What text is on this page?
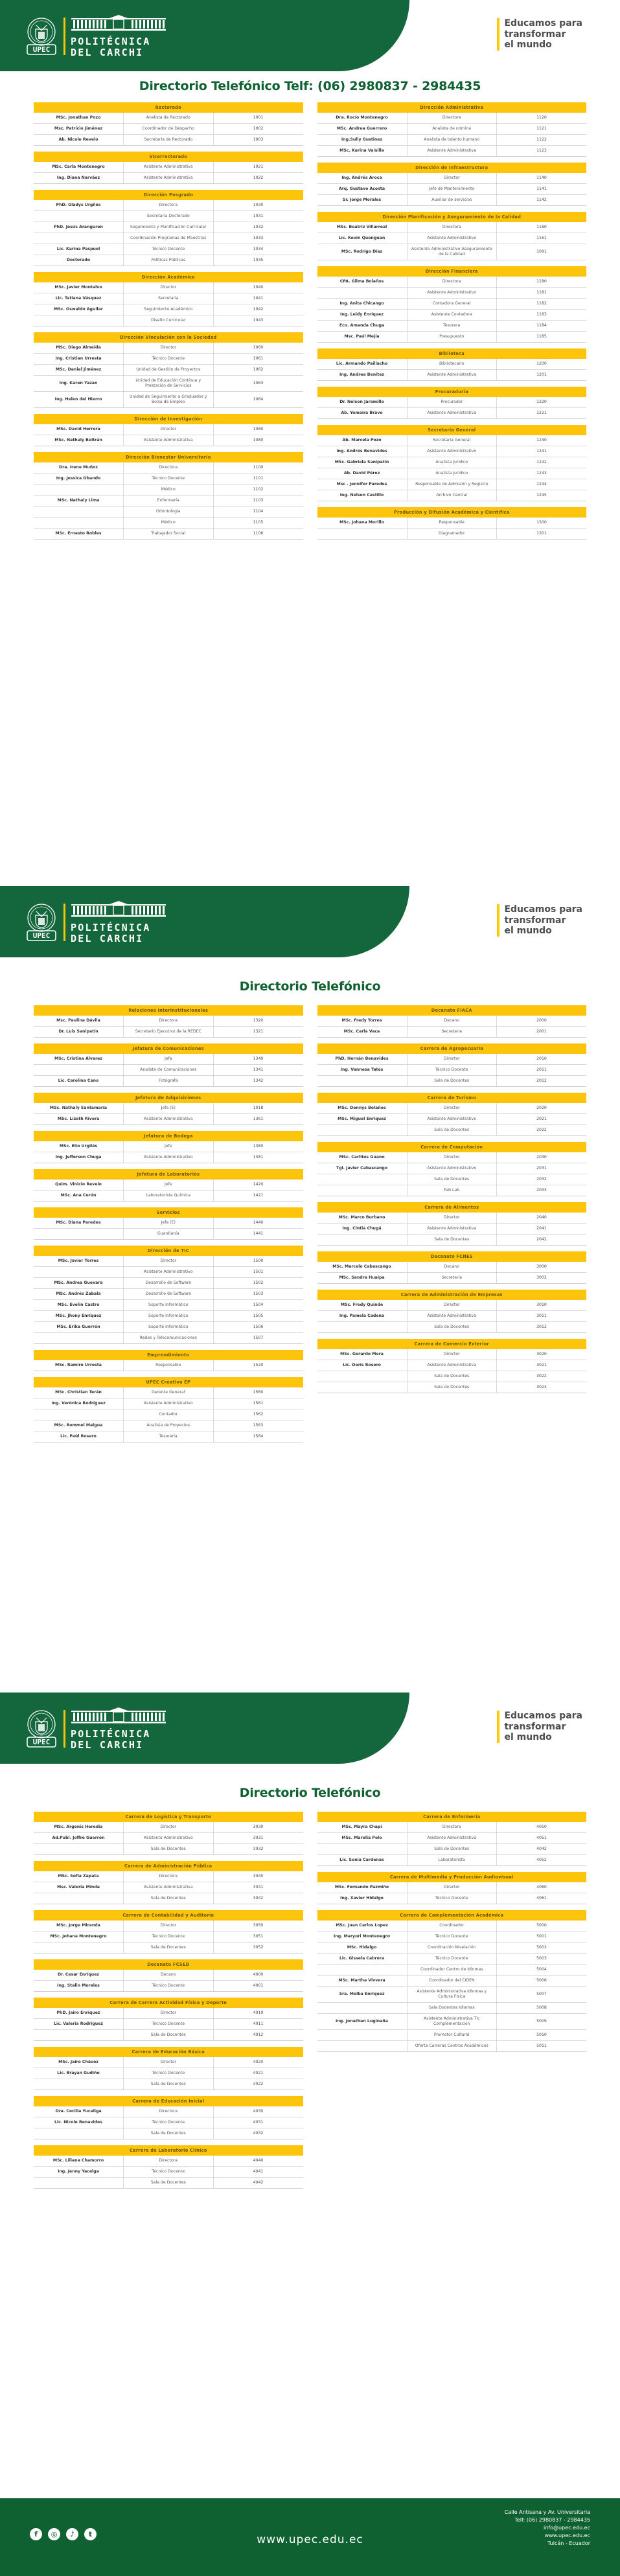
UPEC
POLITÉCNICA
DEL CARCHI
Educamos para
transformar
el mundo
Directorio Telefónico Telf: (06) 2980837 - 2984435
Rectorado		
MSc. Jonathan Pozo	Analista de Rectorado	1001
Msc. Patricio Jiménez	Coordinador de Despacho	1002
Ab. Nicole Revelo	Secretaría de Rectorado	1003
Vicerrectorado		
MSc. Carla Montenegro	Asistente Administrativa	1021
Ing. Diana Narváez	Asistente Administrativa	1022
Dirección Posgrado		
PhD. Gladys Urgilés	Directora	1030
	Secretaria Doctorado	1031
PhD. Jesús Aranguren	Seguimiento y Planificación Curricular	1032
	Coordinación Programas de Maestrías	1033
Lic. Karina Paspuel	Técnico Docente	1034
Doctorado	Políticas Públicas	1035
Dirección Académica		
MSc. Javier Montalvo	Director	1040
Lic. Tatiana Vásquez	Secretaría	1041
MSc. Oswaldo Aguilar	Seguimiento Académico	1042
	Diseño Curricular	1043
Dirección Vinculación con la Sociedad		
MSc. Diego Almeida	Director	1060
Ing. Cristian Urresta	Técnico Docente	1061
MSc. Daniel Jiménez	Unidad de Gestión de Proyectos	1062
Ing. Karen Yazan	Unidad de Educación Contínua y Prestación de Servicios	1063
Ing. Helen del Hierro	Unidad de Seguimiento a Graduados y Bolsa de Empleo	1064
Dirección de Investigación		
MSc. David Herrera	Director	1080
MSc. Nathaly Beltrán	Asistente Administrativa	1080
Dirección Bienestar Universitario		
Dra. Irene Muñoz	Directora	1100
Ing. Jessica Obando	Técnico Docente	1101
	Médico	1102
MSc. Nathaly Lima	Enfermería	1103
	Odontología	1104
	Médico	1105
MSc. Ernesto Robles	Trabajador Social	1106
Dirección Administrativa		
Dra. Rocío Montenegro	Directora	1120
MSc. Andrea Guerrero	Analista de nómina	1121
Ing.Sully Gustinez	Analista de talento humano	1122
MSc. Karina Vaisilla	Asistente Administrativa	1123
Dirección de Infraestructura		
Ing. Andrés Aroca	Director	1140
Arq. Gustavo Acosta	Jefe de Mantenimiento	1141
Sr. Jorge Morales	Auxiliar de servicios	1142
Dirección Planificación y Aseguramiento de la Calidad		
MSc. Beatriz Villarreal	Directora	1160
Lic. Kevin Quenguan	Asistente Administrativo	1161
MSc. Rodrigo Díaz	Asistente Administrativo Aseguramiento de la Calidad	1091
Dirección Financiera		
CPA. Gilma Bolaños	Directora	1180
	Asistente Administrativo	1181
Ing. Anita Chicango	Contadora General	1182
Ing. Leidy Enríquez	Asistente Contadora	1183
Eco. Amanda Chuga	Tesorera	1184
Msc. Paúl Mejía	Presupuesto	1185
Biblioteca		
Lic. Armando Paillacho	Bibliotecario	1200
Ing. Andrea Benítez	Asistente Administrativa	1201
Procuraduría		
Dr. Nelson Jaramillo	Procurador	1220
Ab. Yomaira Bravo	Asistente Administrativa	1221
Secretaría General		
Ab. Marcela Pozo	Secretaria General	1240
Ing. Andrés Benavides	Asistente Administrativo	1241
MSc. Gabriela Sanipatín	Analista Jurídico	1242
Ab. David Pérez	Analista Jurídico	1243
Msc . Jennifer Paredes	Responsable de Admisión y Registro	1244
Ing. Nelson Castillo	Archivo Central	1245
Producción y Difusión Académica y Científica		
MSc. Johana Morillo	Responsable	1300
	Diagramador	1301
UPEC
POLITÉCNICA
DEL CARCHI
Educamos para
transformar
el mundo
Directorio Telefónico
Relaciones Interinstitucionales		
Msc. Paulina Dávila	Directora	1320
Dr. Luis Sanipatín	Secretario Ejecutivo de la REDEC	1321
Jefatura de Comunicaciones		
MSc. Cristina Álvarez	Jefa	1340
	Analista de Comunicaciones	1341
Lic. Carolina Cano	Fotógrafa	1342
Jefatura de Adquisiciones		
MSc. Nathaly Santamaría	Jefa (E)	1018
MSc. Lizeth Rivera	Asistente Administrativa	1361
Jefatura de Bodega		
MSc. Elio Urgilés	Jefe	1380
Ing. Jefferson Chuga	Asistente Administrativo	1381
Jefatura de Laboratorios		
Quim. Vinicio Revelo	Jefe	1420
MSc. Ana Cerón	Laboratorista Química	1421
Servicios		
MSc. Diana Paredes	Jefa (E)	1440
	Guardianía	1441
Dirección de TIC		
MSc. Javier Torres	Director	1500
	Asistente Administrativo	1501
MSc. Andrea Guevara	Desarrollo de Software	1502
MSc. Andrés Zabala	Desarrollo de Software	1503
MSc. Evelin Castro	Soporte Informático	1504
MSc. Jhony Enríquez	Soporte Informático	1505
MSc. Erika Guerrón	Soporte Informático	1506
	Redes y Telecomunicaciones	1507
Emprendimiento
MSc. Ramiro Urresta	Responsable	1520
UPEC Creativa EP		
MSc. Christian Terán	Gerente General	1560
Ing. Verónica Rodríguez	Asistente Administrativo	1561
	Contador	1562
MSc. Rommel Malgua	Analista de Proyectos	1563
Lic. Paúl Rosero	Tesorería	1564
Decanato FIACA		
MSc. Fredy Torres	Decano	2000
MSc. Carla Vaca	Secretaria	2001
Carrera de Agropecuaria		
PhD. Hernán Benavides	Director	2010
Ing. Vannesa Tatés	Técnico Docente	2011
	Sala de Docentes	2012
Carrera de Turismo		
MSc. Dennys Bolaños	Director	2020
MSc. Miguel Enríquez	Asistente Administrativo	2021
	Sala de Docentes	2022
Carrera de Computación		
MSc. Carlitos Guano	Director	2030
Tgl. Javier Cabascango	Asistente Administrativo	2031
	Sala de Docentes	2032
	Fab Lab	2033
Carrera de Alimentos		
MSc. Marco Burbano	Director	2040
Ing. Cintia Chugá	Asistente Administrativa	2041
	Sala de Docentes	2042
Decanato FCNES		
MSc. Marcelo Cabascango	Decano	3000
MSc. Sandra Huaipa	Secretaria	3002
Carrera de Administración de Empresas		
MSc. Fredy Quinde	Director	3010
Ing. Pamela Cadena	Asistente Administrativa	3011
	Sala de Docentes	3013
Carrera de Comercio Exterior		
MSc. Gerardo Mera	Director	3020
Lic. Doris Rosero	Asistente Administrativa	3021
	Sala de Docentes	3022
	Sala de Docentes	3023
UPEC
POLITÉCNICA
DEL CARCHI
Educamos para
transformar
el mundo
Directorio Telefónico
Carrera de Logística y Transporte		
MSc. Argenis Heredia	Director	3030
Ad.Publ. Joffre Guerrón	Asistente Administrativo	3031
	Sala de Docentes	3032
Carrera de Administración Pública		
MSc. Sofía Zapata	Directora	3040
Msc. Valeria Minda	Asistente Administrativa	3041
	Sala de Docentes	3042
Carrera de Contabilidad y Auditoría		
MSc. Jorge Miranda	Director	3050
MSc. Johana Montenegro	Técnico Docente	3051
	Sala de Docentes	3052
Decanato FCSED		
Dr. Cesar Enríquez	Decano	4000
Ing. Stalin Morales	Técnico Docente	4001
Carrera de Carrera Actividad Física y Deporte		
PhD. Jairo Enríquez	Director	4010
Lic. Valeria Rodríguez	Técnico Docente	4011
	Sala de Docentes	4012
Carrera de Educación Básica		
MSc. Jairo Chávez	Director	4020
Lic. Brayan Gudiño	Técnico Docente	4021
	Sala de Docentes	4022
Carrera de Educación Inicial		
Dra. Cecilia Yucaliga	Directora	4030
Lic. Nicole Benavides	Técnico Docente	4031
	Sala de Docentes	4032
Carrera de Laboratorio Clínico		
MSc. Liliana Chamorro	Directora	4040
Ing. Jenny Yacelga	Técnico Docente	4041
	Sala de Docentes	4042
Carrera de Enfermería		
MSc. Mayra Chapi	Directora	4050
MSc. Marolia Polo	Asistente Administrativa	4051
	Sala de Docentes	4042
Lic. Sonia Cardenas	Laboratorista	4052
Carrera de Multimedia y Producción Audiovisual		
MSc. Fernando Pazmiño	Director	4060
Ing. Xavier Hidalgo	Técnico Docente	4061
Carrera de Complementación Académica		
MSc. Juan Carlos Lopez	Coordinador	5000
Ing. Maryori Montenegro	Técnico Docente	5001
MSc. Hidalgo	Coordinación Nivelación	5002
Lic. Gissela Cabrera	Técnico Docente	5003
	Coordinador Centro de Idiomas	5004
MSc. Martha Vivvera	Coordinador del CIDEN	5006
Sra. Melba Enríquez	Asistente Administrativa Idiomas y Cultura Física	5007
	Sala Docentes Idiomas	5008
Ing. Jonathan Luginaña	Asistente Administrativa Tic Complementación	5009
	Promotor Cultural	5010
	Oferta Carreras Centros Académicos	5011
f	◎	♪	t
Calle Antisana y Av. Universitaria
Telf: (06) 2980837 - 2984435
info@upec.edu.ec
www.upec.edu.ec
Tulcán - Ecuador
www.upec.edu.ec
